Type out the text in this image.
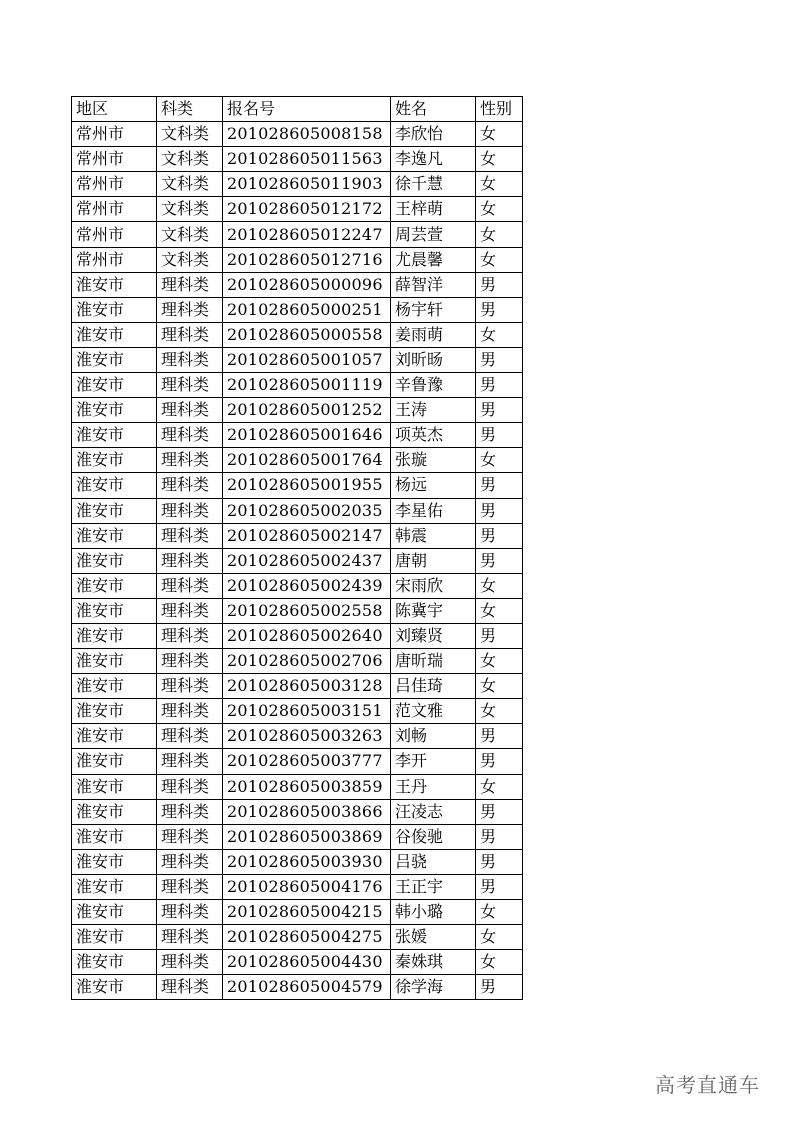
地区	科类	报名号	姓名	性别
常州市	文科类	201028605008158	李欣怡	女
常州市	文科类	201028605011563	李逸凡	女
常州市	文科类	201028605011903	徐千慧	女
常州市	文科类	201028605012172	王梓萌	女
常州市	文科类	201028605012247	周芸萱	女
常州市	文科类	201028605012716	尤晨馨	女
淮安市	理科类	201028605000096	薛智洋	男
淮安市	理科类	201028605000251	杨宇轩	男
淮安市	理科类	201028605000558	姜雨萌	女
淮安市	理科类	201028605001057	刘昕旸	男
淮安市	理科类	201028605001119	辛鲁豫	男
淮安市	理科类	201028605001252	王涛	男
淮安市	理科类	201028605001646	项英杰	男
淮安市	理科类	201028605001764	张璇	女
淮安市	理科类	201028605001955	杨远	男
淮安市	理科类	201028605002035	李星佑	男
淮安市	理科类	201028605002147	韩震	男
淮安市	理科类	201028605002437	唐朝	男
淮安市	理科类	201028605002439	宋雨欣	女
淮安市	理科类	201028605002558	陈冀宇	女
淮安市	理科类	201028605002640	刘臻贤	男
淮安市	理科类	201028605002706	唐昕瑞	女
淮安市	理科类	201028605003128	吕佳琦	女
淮安市	理科类	201028605003151	范文雅	女
淮安市	理科类	201028605003263	刘畅	男
淮安市	理科类	201028605003777	李开	男
淮安市	理科类	201028605003859	王丹	女
淮安市	理科类	201028605003866	汪凌志	男
淮安市	理科类	201028605003869	谷俊驰	男
淮安市	理科类	201028605003930	吕骁	男
淮安市	理科类	201028605004176	王正宇	男
淮安市	理科类	201028605004215	韩小璐	女
淮安市	理科类	201028605004275	张媛	女
淮安市	理科类	201028605004430	秦姝琪	女
淮安市	理科类	201028605004579	徐学海	男
高考直通车
